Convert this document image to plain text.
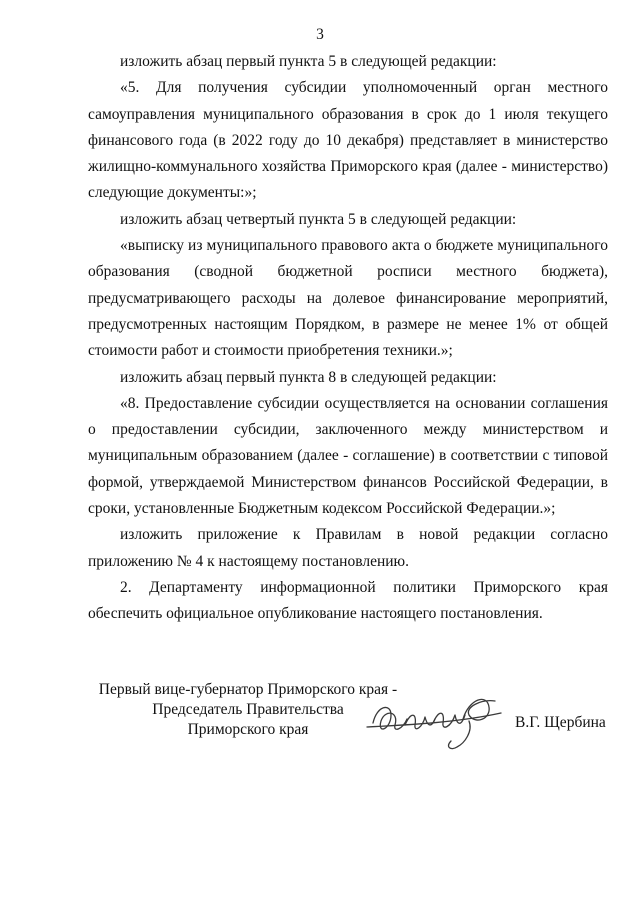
3

изложить абзац первый пункта 5 в следующей редакции:

«5. Для получения субсидии уполномоченный орган местного самоуправления муниципального образования в срок до 1 июля текущего финансового года (в 2022 году до 10 декабря) представляет в министерство жилищно-коммунального хозяйства Приморского края (далее - министерство) следующие документы:»;

изложить абзац четвертый пункта 5 в следующей редакции:

«выписку из муниципального правового акта о бюджете муниципального образования (сводной бюджетной росписи местного бюджета), предусматривающего расходы на долевое финансирование мероприятий, предусмотренных настоящим Порядком, в размере не менее 1% от общей стоимости работ и стоимости приобретения техники.»;

изложить абзац первый пункта 8 в следующей редакции:

«8. Предоставление субсидии осуществляется на основании соглашения о предоставлении субсидии, заключенного между министерством и муниципальным образованием (далее - соглашение) в соответствии с типовой формой, утверждаемой Министерством финансов Российской Федерации, в сроки, установленные Бюджетным кодексом Российской Федерации.»;

изложить приложение к Правилам в новой редакции согласно приложению № 4 к настоящему постановлению.

2. Департаменту информационной политики Приморского края обеспечить официальное опубликование настоящего постановления.

Первый вице-губернатор Приморского края -
Председатель Правительства
Приморского края	В.Г. Щербина
